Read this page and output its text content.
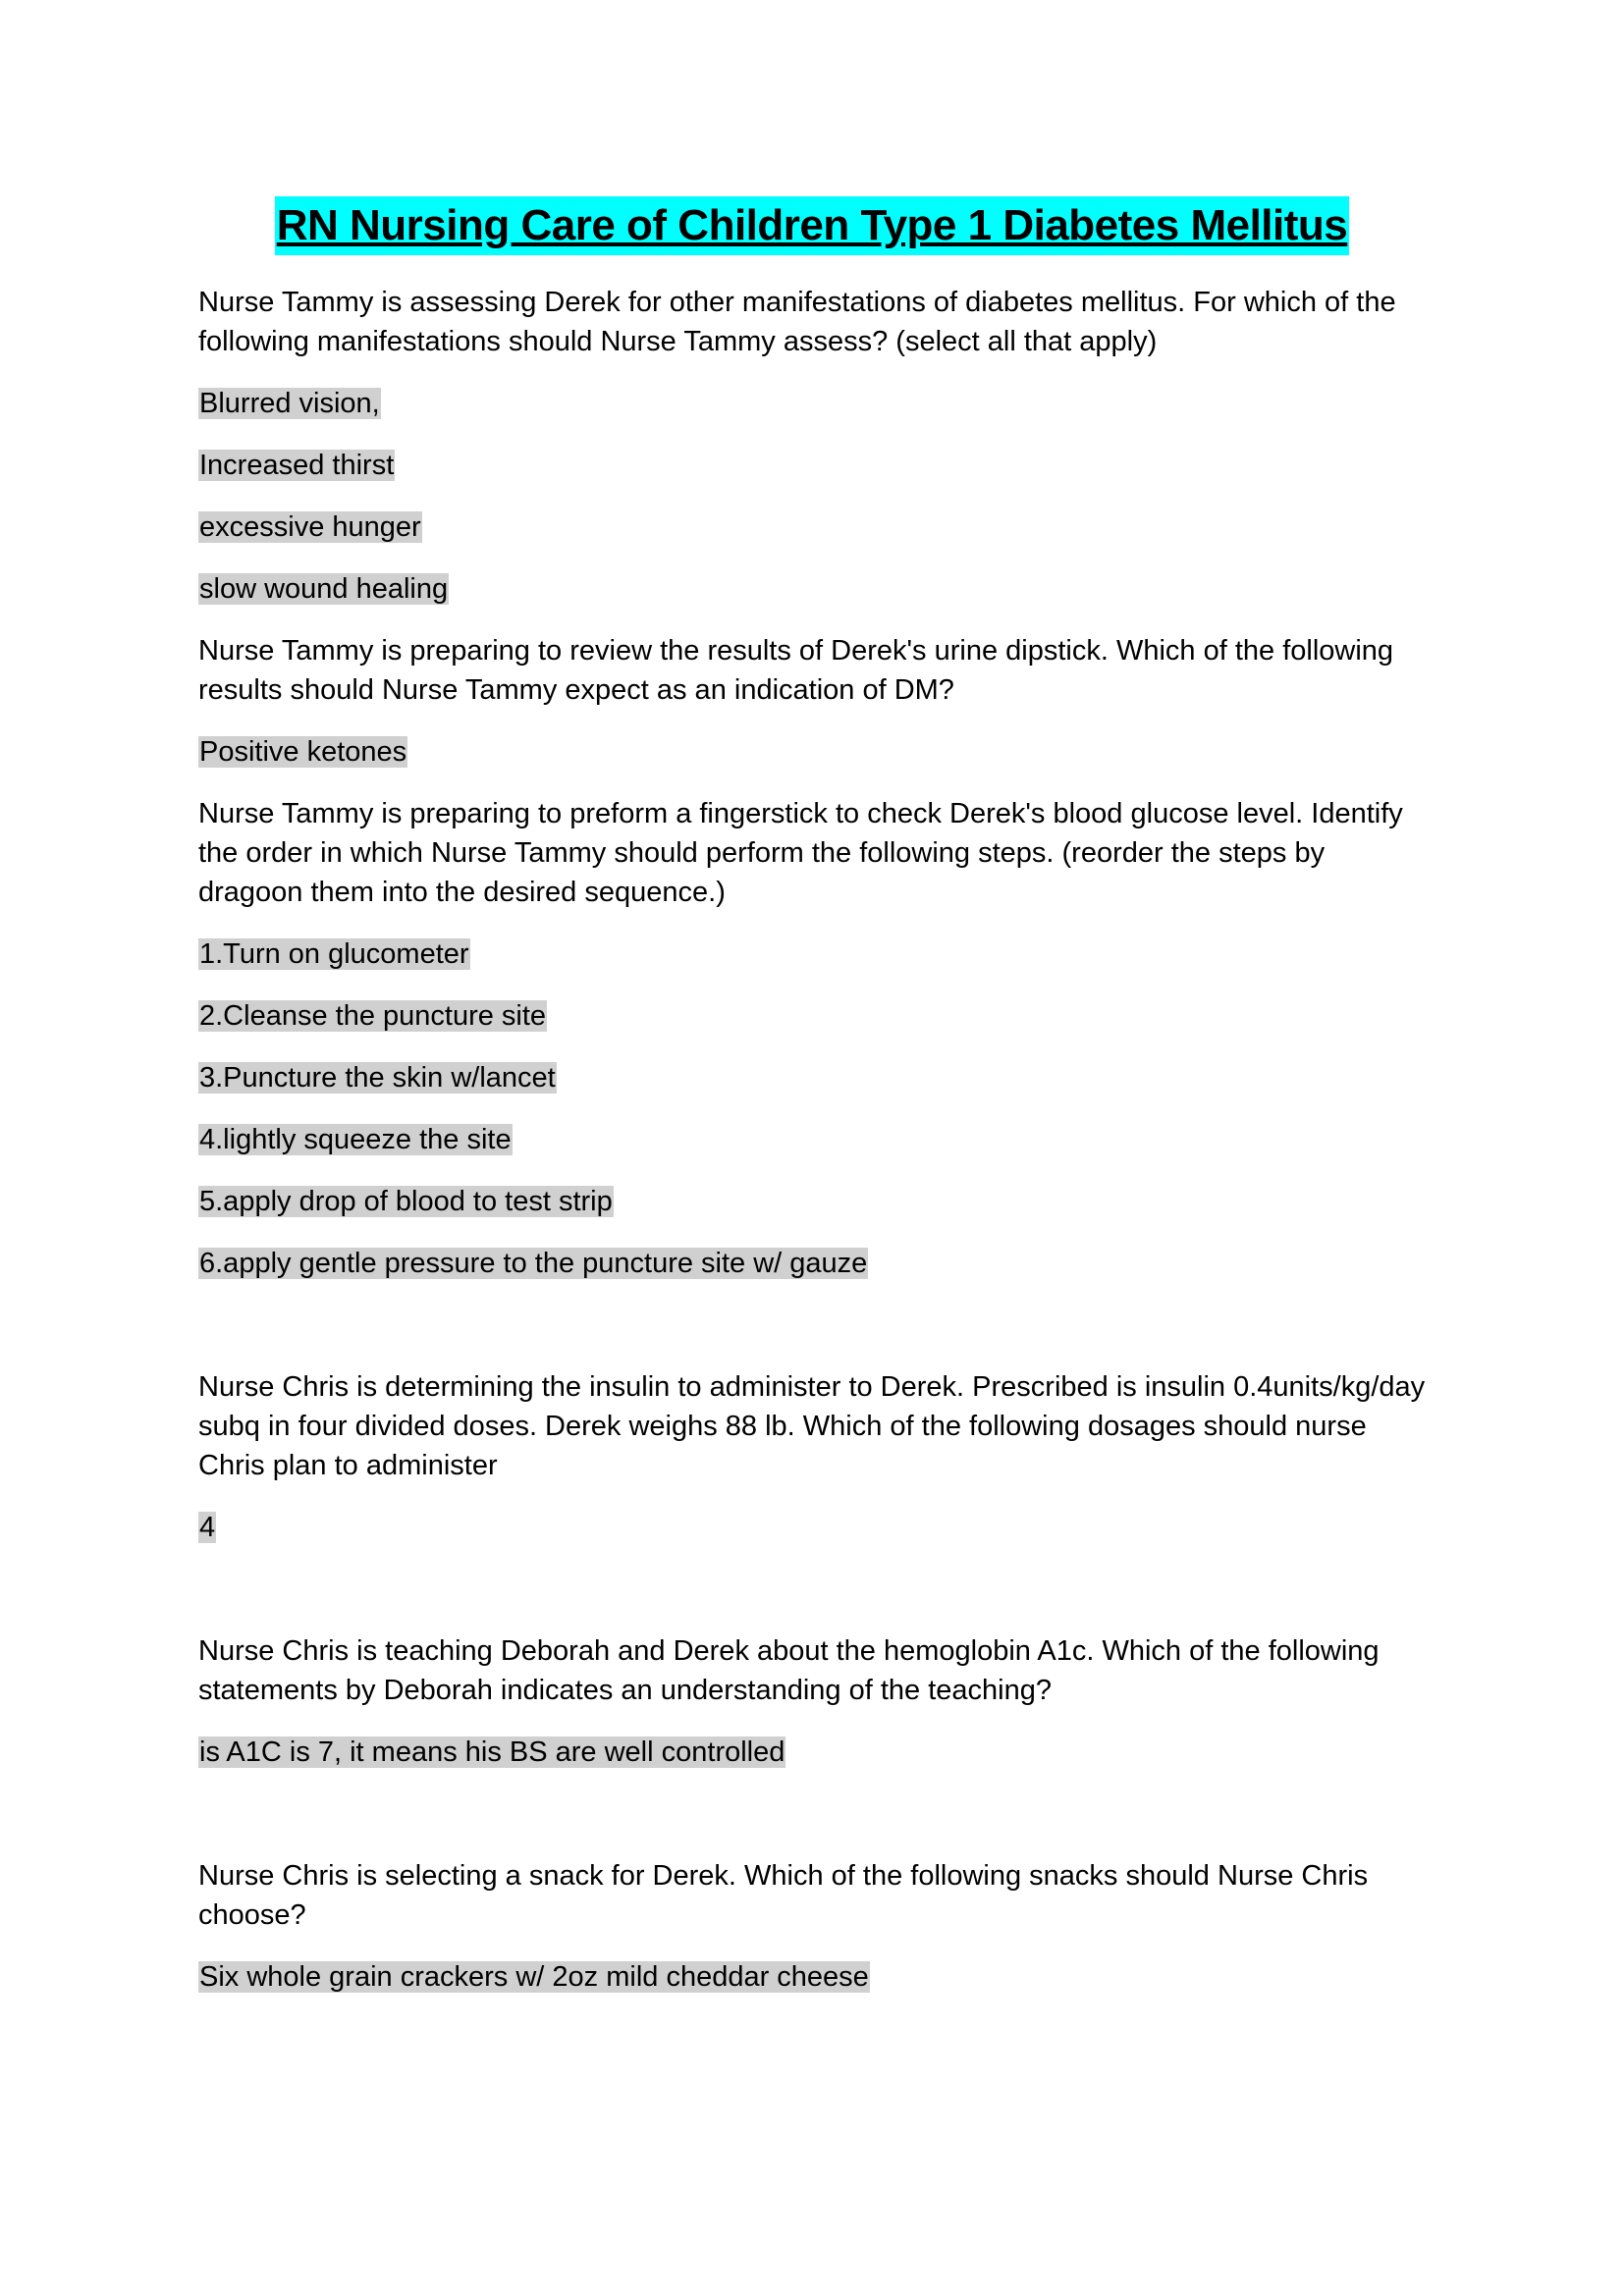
RN Nursing Care of Children Type 1 Diabetes Mellitus

Nurse Tammy is assessing Derek for other manifestations of diabetes mellitus. For which of the following manifestations should Nurse Tammy assess? (select all that apply)

Blurred vision,

Increased thirst

excessive hunger

slow wound healing

Nurse Tammy is preparing to review the results of Derek's urine dipstick. Which of the following results should Nurse Tammy expect as an indication of DM?

Positive ketones

Nurse Tammy is preparing to preform a fingerstick to check Derek's blood glucose level. Identify the order in which Nurse Tammy should perform the following steps. (reorder the steps by dragoon them into the desired sequence.)

1.Turn on glucometer

2.Cleanse the puncture site

3.Puncture the skin w/lancet

4.lightly squeeze the site

5.apply drop of blood to test strip

6.apply gentle pressure to the puncture site w/ gauze

Nurse Chris is determining the insulin to administer to Derek. Prescribed is insulin 0.4units/kg/day subq in four divided doses. Derek weighs 88 lb. Which of the following dosages should nurse Chris plan to administer

4

Nurse Chris is teaching Deborah and Derek about the hemoglobin A1c. Which of the following statements by Deborah indicates an understanding of the teaching?

is A1C is 7, it means his BS are well controlled

Nurse Chris is selecting a snack for Derek. Which of the following snacks should Nurse Chris choose?

Six whole grain crackers w/ 2oz mild cheddar cheese
